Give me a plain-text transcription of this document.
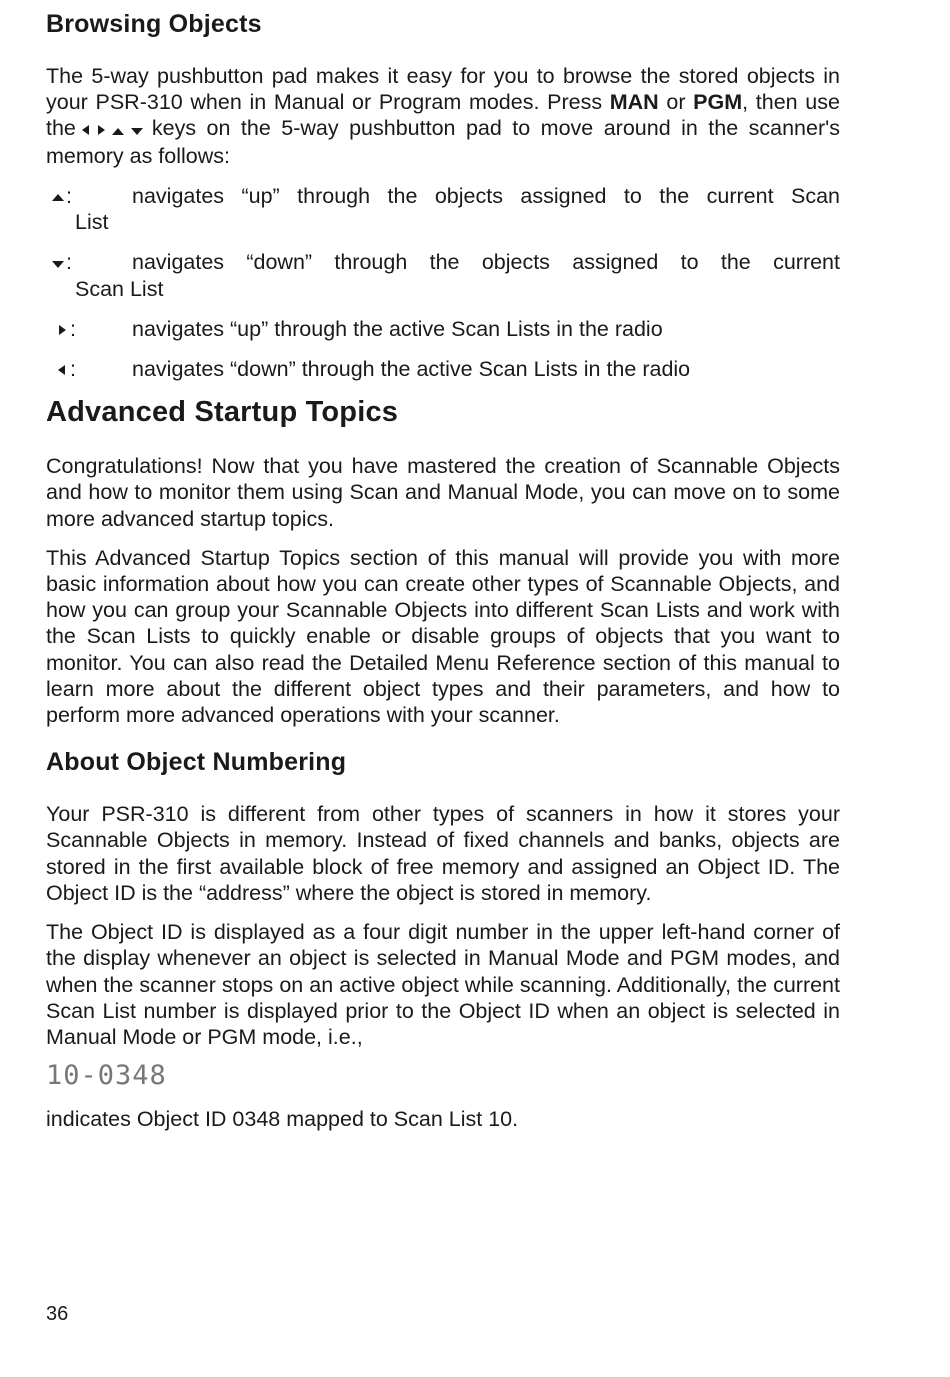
Browsing Objects

The 5-way pushbutton pad makes it easy for you to browse the stored objects in your PSR-310 when in Manual or Program modes. Press MAN or PGM, then use the	keys on the 5-way pushbutton pad to move around in the scanner's memory as follows:

:	navigates “up” through the objects assigned to the current Scan
List
:	navigates “down” through the objects assigned to the current
Scan List
:	navigates “up” through the active Scan Lists in the radio
:	navigates “down” through the active Scan Lists in the radio
Advanced Startup Topics

Congratulations! Now that you have mastered the creation of Scannable Objects and how to monitor them using Scan and Manual Mode, you can move on to some more advanced startup topics.

This Advanced Startup Topics section of this manual will provide you with more basic information about how you can create other types of Scannable Objects, and how you can group your Scannable Objects into different Scan Lists and work with the Scan Lists to quickly enable or disable groups of objects that you want to monitor. You can also read the Detailed Menu Reference section of this manual to learn more about the different object types and their parameters, and how to perform more advanced operations with your scanner.

About Object Numbering

Your PSR-310 is different from other types of scanners in how it stores your Scannable Objects in memory. Instead of fixed channels and banks, objects are stored in the first available block of free memory and assigned an Object ID. The Object ID is the “address” where the object is stored in memory.

The Object ID is displayed as a four digit number in the upper left-hand corner of the display whenever an object is selected in Manual Mode and PGM modes, and when the scanner stops on an active object while scanning. Additionally, the current Scan List number is displayed prior to the Object ID when an object is selected in Manual Mode or PGM mode, i.e.,

10-0348

indicates Object ID 0348 mapped to Scan List 10.

36
